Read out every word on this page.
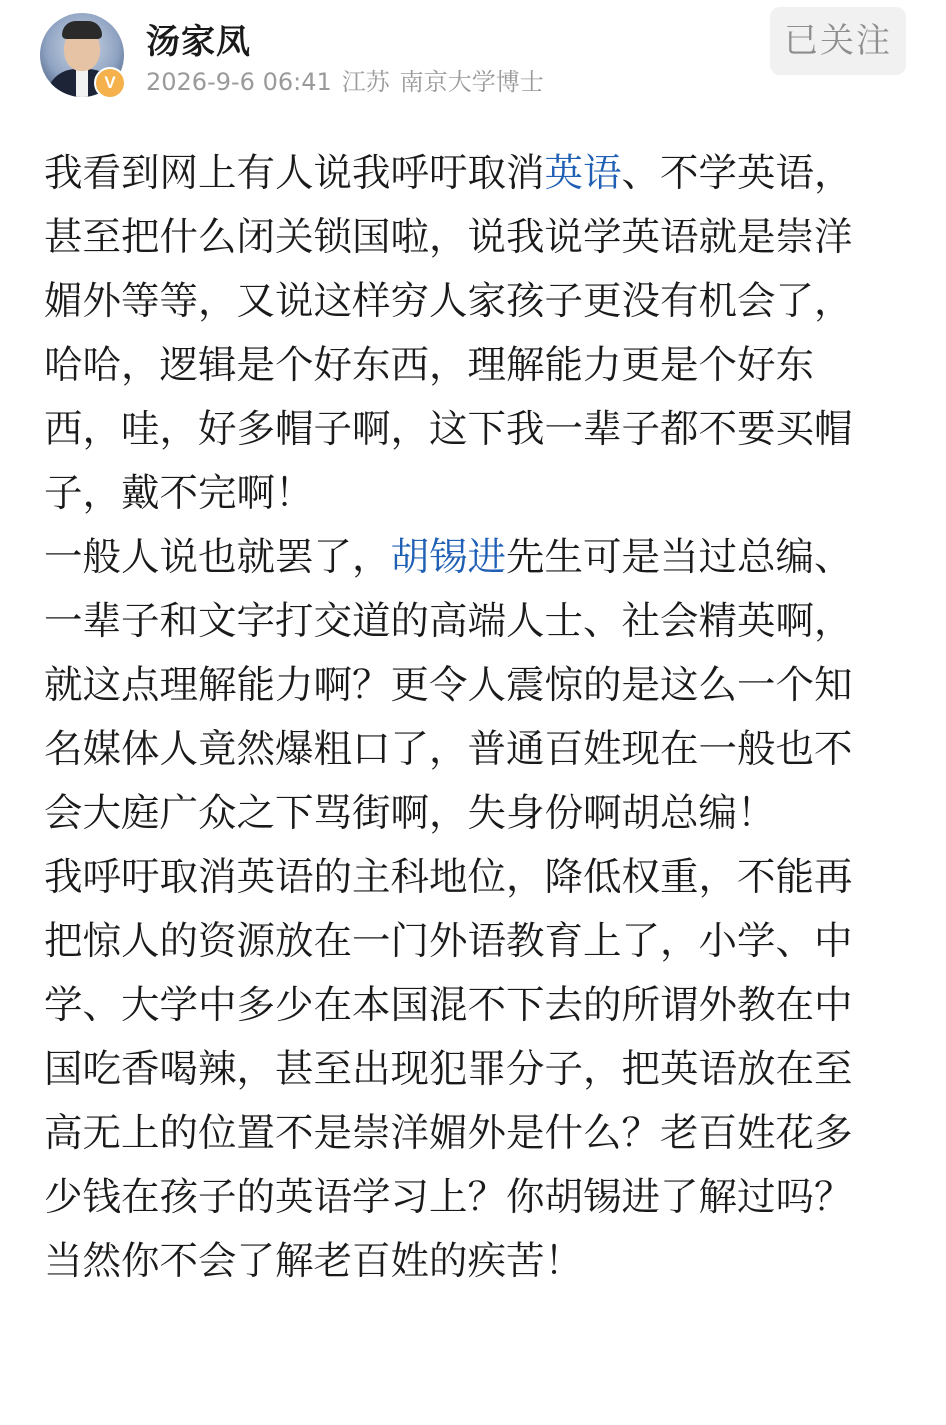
V
汤家凤
2026-9-6 06:41 江苏 南京大学博士
已关注

我看到网上有人说我呼吁取消英语、不学英语，甚至把什么闭关锁国啦，说我说学英语就是崇洋媚外等等，又说这样穷人家孩子更没有机会了，哈哈，逻辑是个好东西，理解能力更是个好东西，哇，好多帽子啊，这下我一辈子都不要买帽子，戴不完啊！

一般人说也就罢了，胡锡进先生可是当过总编、一辈子和文字打交道的高端人士、社会精英啊，就这点理解能力啊？更令人震惊的是这么一个知名媒体人竟然爆粗口了，普通百姓现在一般也不会大庭广众之下骂街啊，失身份啊胡总编！

我呼吁取消英语的主科地位，降低权重，不能再把惊人的资源放在一门外语教育上了，小学、中学、大学中多少在本国混不下去的所谓外教在中国吃香喝辣，甚至出现犯罪分子，把英语放在至高无上的位置不是崇洋媚外是什么？老百姓花多少钱在孩子的英语学习上？你胡锡进了解过吗？当然你不会了解老百姓的疾苦！
